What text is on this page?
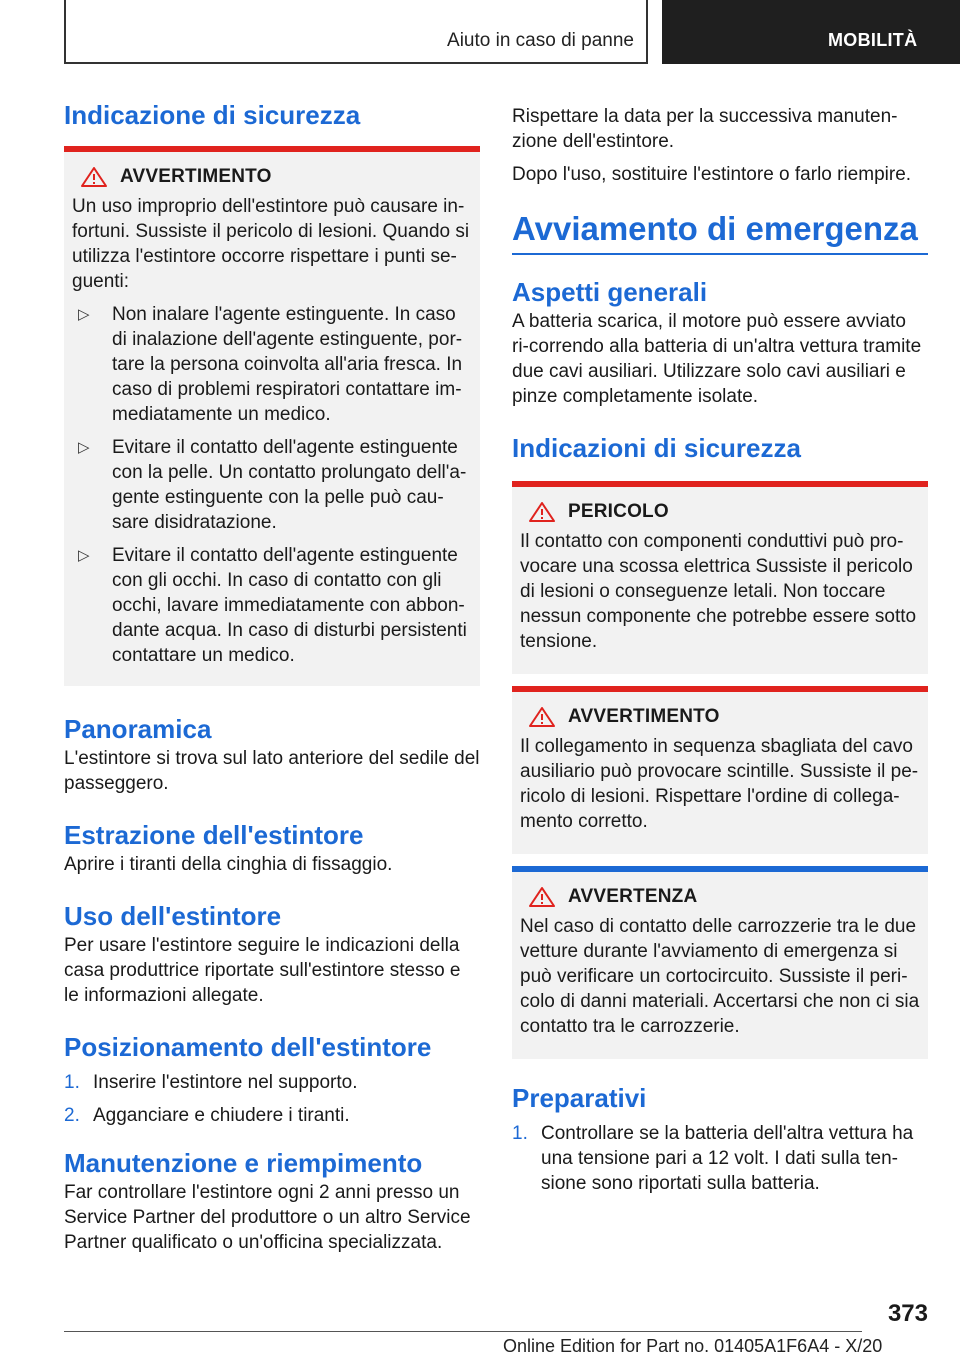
Aiuto in caso di panne	MOBILITÀ
Indicazione di sicurezza
AVVERTIMENTO

Un uso improprio dell'estintore può causare in-fortuni. Sussiste il pericolo di lesioni. Quando si utilizza l'estintore occorre rispettare i punti se-guenti:

▷	Non inalare l'agente estinguente. In caso di inalazione dell'agente estinguente, por-tare la persona coinvolta all'aria fresca. In caso di problemi respiratori contattare im-mediatamente un medico.
▷	Evitare il contatto dell'agente estinguente con la pelle. Un contatto prolungato dell'a-gente estinguente con la pelle può cau-sare disidratazione.
▷	Evitare il contatto dell'agente estinguente con gli occhi. In caso di contatto con gli occhi, lavare immediatamente con abbon-dante acqua. In caso di disturbi persistenti contattare un medico.
Panoramica

L'estintore si trova sul lato anteriore del sedile del passeggero.

Estrazione dell'estintore

Aprire i tiranti della cinghia di fissaggio.

Uso dell'estintore

Per usare l'estintore seguire le indicazioni della casa produttrice riportate sull'estintore stesso e le informazioni allegate.

Posizionamento dell'estintore
1. Inserire l'estintore nel supporto.
2. Agganciare e chiudere i tiranti.
Manutenzione e riempimento

Far controllare l'estintore ogni 2 anni presso un Service Partner del produttore o un altro Service Partner qualificato o un'officina specializzata.

Rispettare la data per la successiva manuten-zione dell'estintore.

Dopo l'uso, sostituire l'estintore o farlo riempire.

Avviamento di emergenza
Aspetti generali

A batteria scarica, il motore può essere avviato ri-correndo alla batteria di un'altra vettura tramite due cavi ausiliari. Utilizzare solo cavi ausiliari e pinze completamente isolate.

Indicazioni di sicurezza
PERICOLO

Il contatto con componenti conduttivi può pro-vocare una scossa elettrica Sussiste il pericolo di lesioni o conseguenze letali. Non toccare nessun componente che potrebbe essere sotto tensione.

AVVERTIMENTO

Il collegamento in sequenza sbagliata del cavo ausiliario può provocare scintille. Sussiste il pe-ricolo di lesioni. Rispettare l'ordine di collega-mento corretto.

AVVERTENZA

Nel caso di contatto delle carrozzerie tra le due vetture durante l'avviamento di emergenza si può verificare un cortocircuito. Sussiste il peri-colo di danni materiali. Accertarsi che non ci sia contatto tra le carrozzerie.

Preparativi
1. Controllare se la batteria dell'altra vettura ha una tensione pari a 12 volt. I dati sulla ten-sione sono riportati sulla batteria.
373
Online Edition for Part no. 01405A1F6A4 - X/20
